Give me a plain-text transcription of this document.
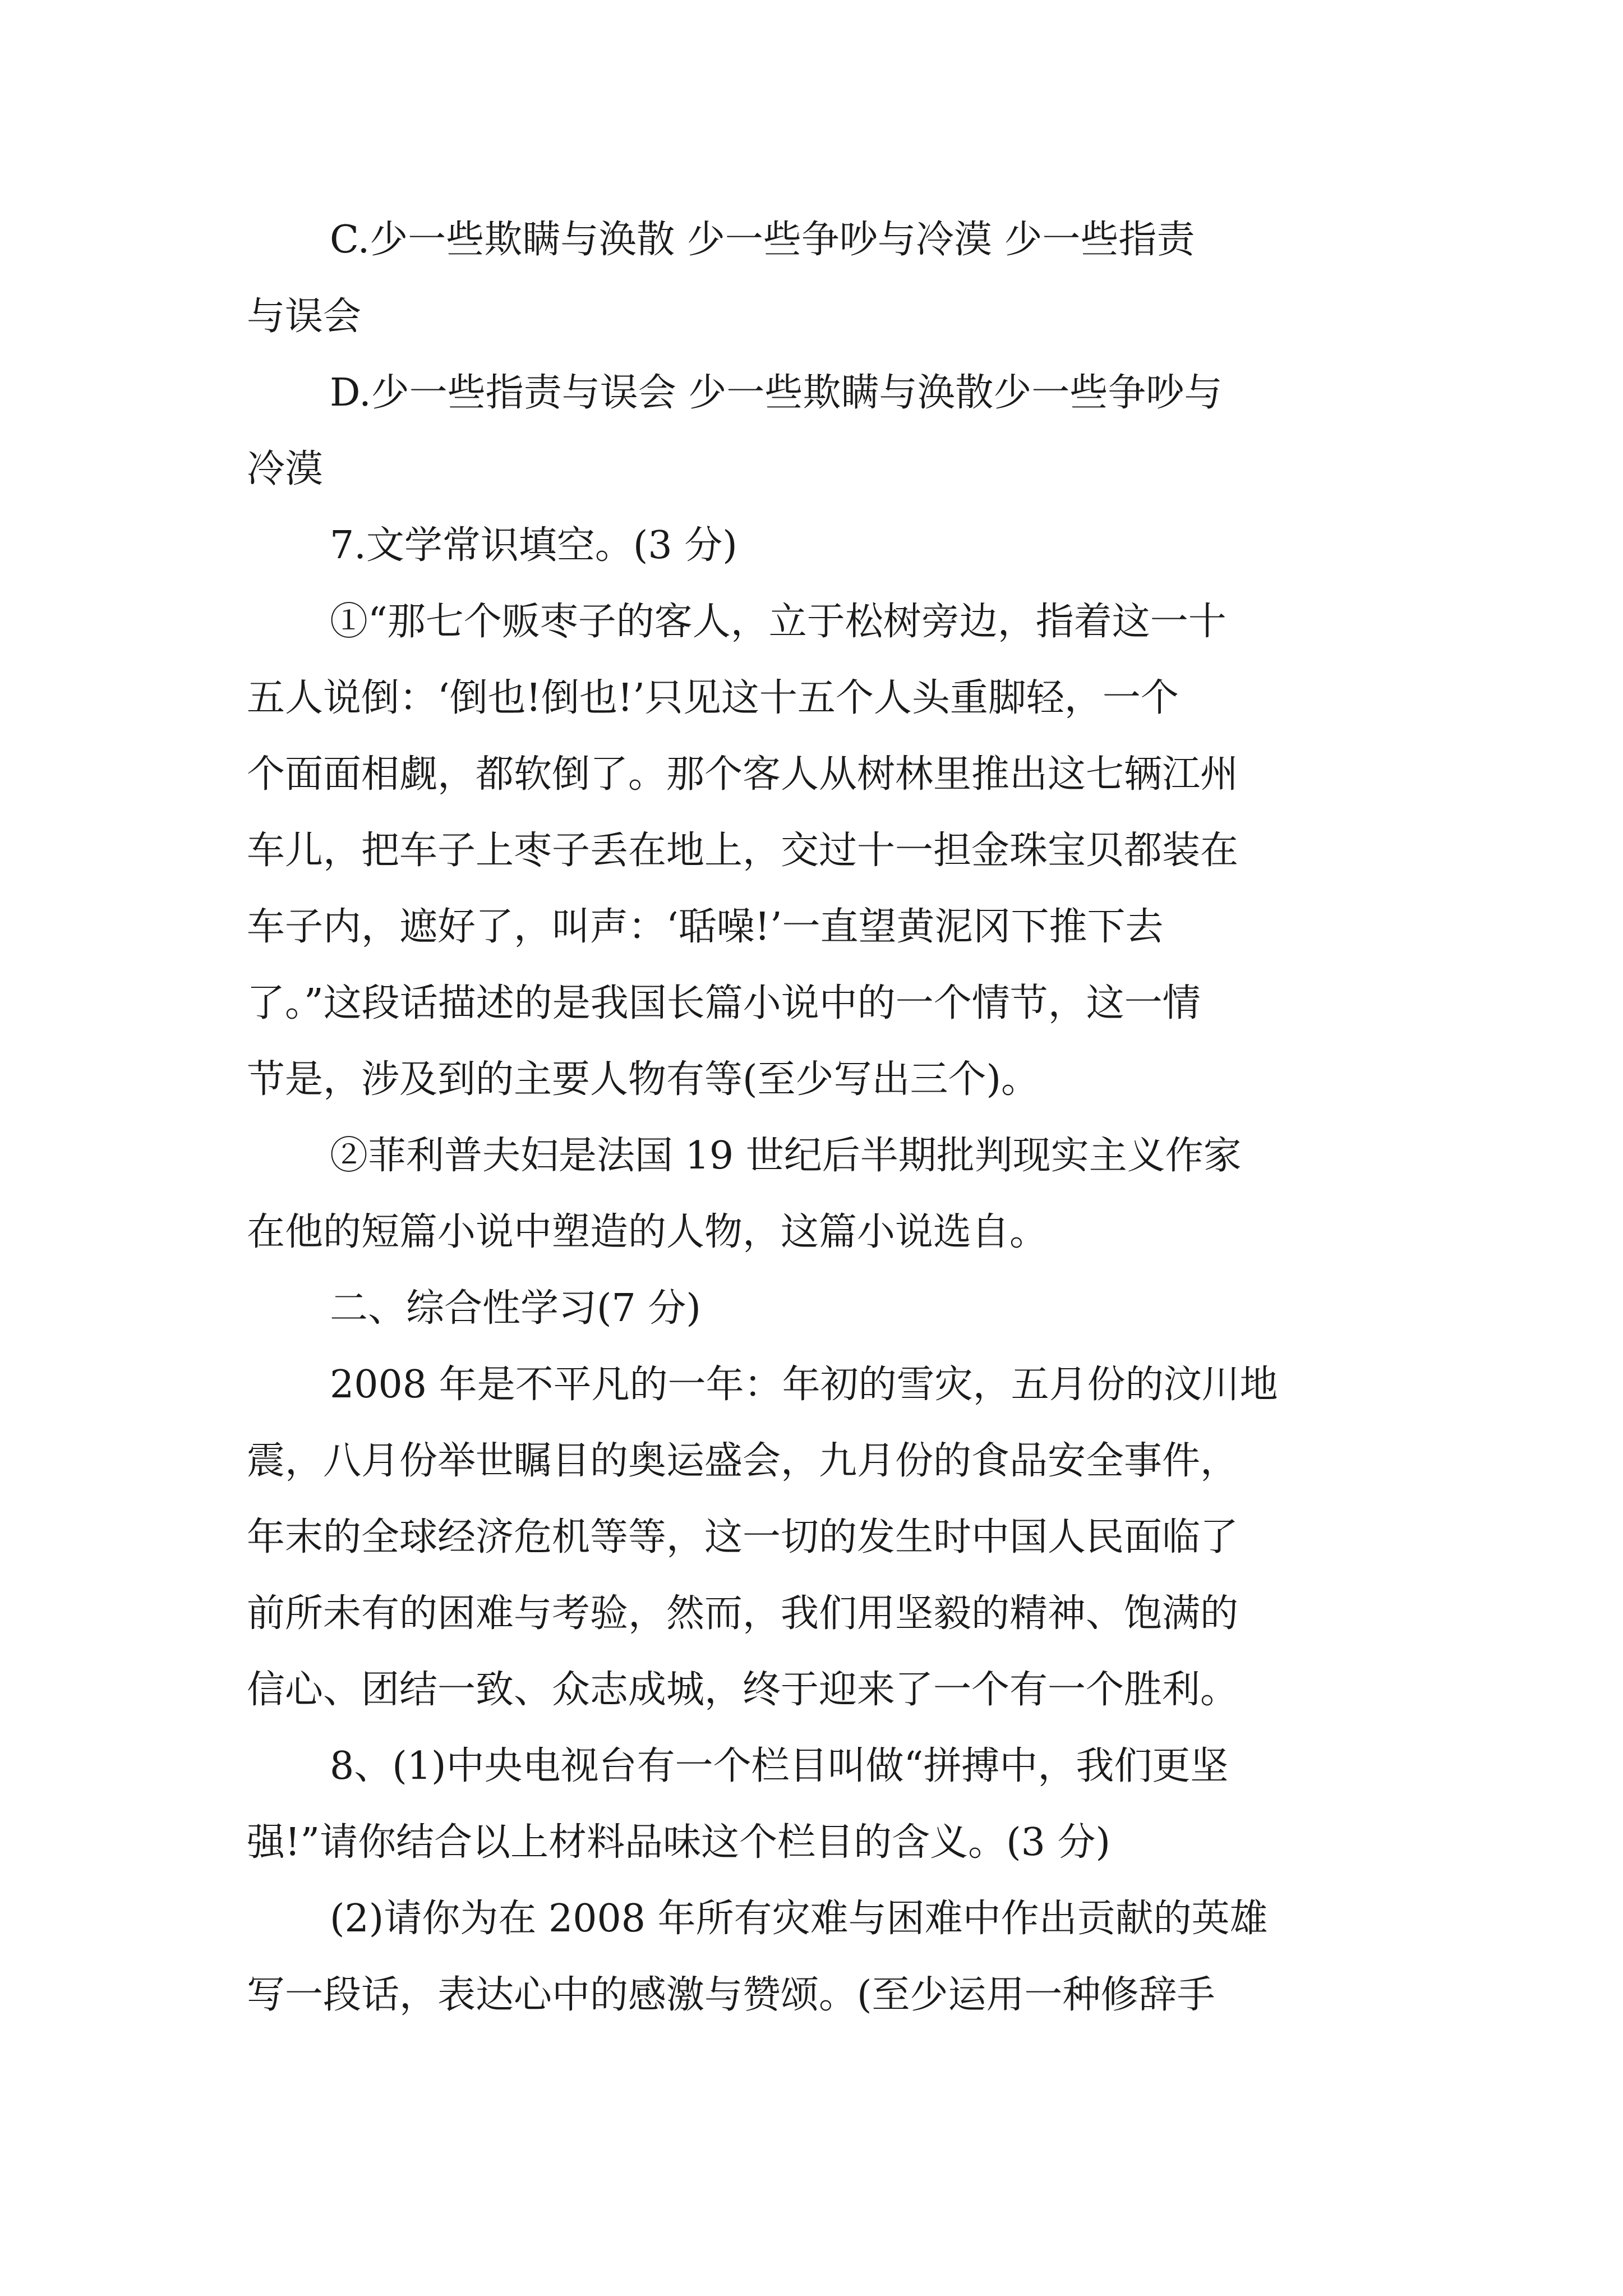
C.少一些欺瞒与涣散 少一些争吵与冷漠 少一些指责

与误会

D.少一些指责与误会 少一些欺瞒与涣散少一些争吵与

冷漠

7.文学常识填空。(3 分)

①“那七个贩枣子的客人，立于松树旁边，指着这一十

五人说倒：‘倒也!倒也!’只见这十五个人头重脚轻，一个

个面面相觑，都软倒了。那个客人从树林里推出这七辆江州

车儿，把车子上枣子丢在地上，交过十一担金珠宝贝都装在

车子内，遮好了，叫声：‘聒噪!’一直望黄泥冈下推下去

了。”这段话描述的是我国长篇小说中的一个情节，这一情

节是，涉及到的主要人物有等(至少写出三个)。

②菲利普夫妇是法国 19 世纪后半期批判现实主义作家

在他的短篇小说中塑造的人物，这篇小说选自。

二、综合性学习(7 分)

2008 年是不平凡的一年：年初的雪灾，五月份的汶川地

震，八月份举世瞩目的奥运盛会，九月份的食品安全事件，

年末的全球经济危机等等，这一切的发生时中国人民面临了

前所未有的困难与考验，然而，我们用坚毅的精神、饱满的

信心、团结一致、众志成城，终于迎来了一个有一个胜利。

8、(1)中央电视台有一个栏目叫做“拼搏中，我们更坚

强!”请你结合以上材料品味这个栏目的含义。(3 分)

(2)请你为在 2008 年所有灾难与困难中作出贡献的英雄

写一段话，表达心中的感激与赞颂。(至少运用一种修辞手
